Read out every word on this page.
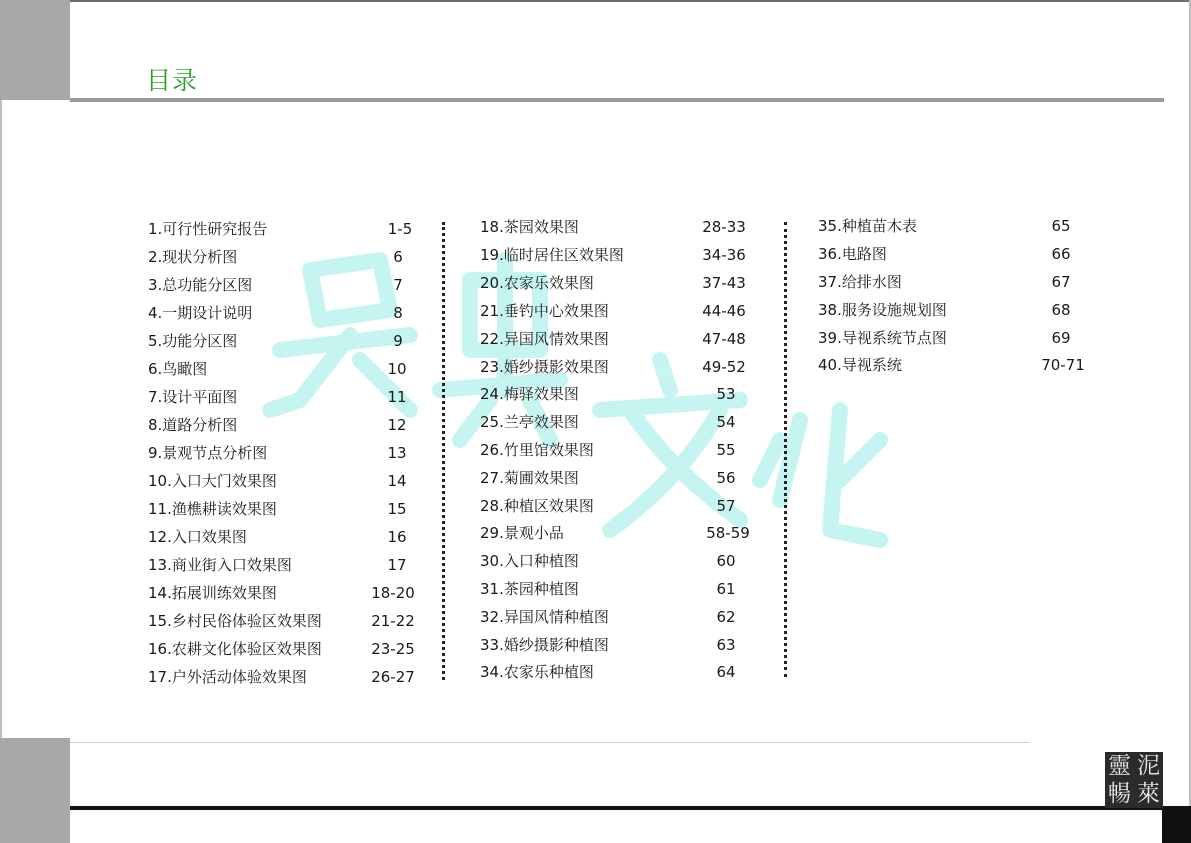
目录
1.可行性研究报告	1-5
2.现状分析图	6
3.总功能分区图	7
4.一期设计说明	8
5.功能分区图	9
6.鸟瞰图	10
7.设计平面图	11
8.道路分析图	12
9.景观节点分析图	13
10.入口大门效果图	14
11.渔樵耕读效果图	15
12.入口效果图	16
13.商业街入口效果图	17
14.拓展训练效果图	18-20
15.乡村民俗体验区效果图	21-22
16.农耕文化体验区效果图	23-25
17.户外活动体验效果图	26-27
18.茶园效果图	28-33
19.临时居住区效果图	34-36
20.农家乐效果图	37-43
21.垂钓中心效果图	44-46
22.异国风情效果图	47-48
23.婚纱摄影效果图	49-52
24.梅驿效果图	53
25.兰亭效果图	54
26.竹里馆效果图	55
27.菊圃效果图	56
28.种植区效果图	57
29.景观小品	58-59
30.入口种植图	60
31.茶园种植图	61
32.异国风情种植图	62
33.婚纱摄影种植图	63
34.农家乐种植图	64
35.种植苗木表	65
36.电路图	66
37.给排水图	67
38.服务设施规划图	68
39.导视系统节点图	69
40.导视系统	70-71
靈 泥
暢 萊
